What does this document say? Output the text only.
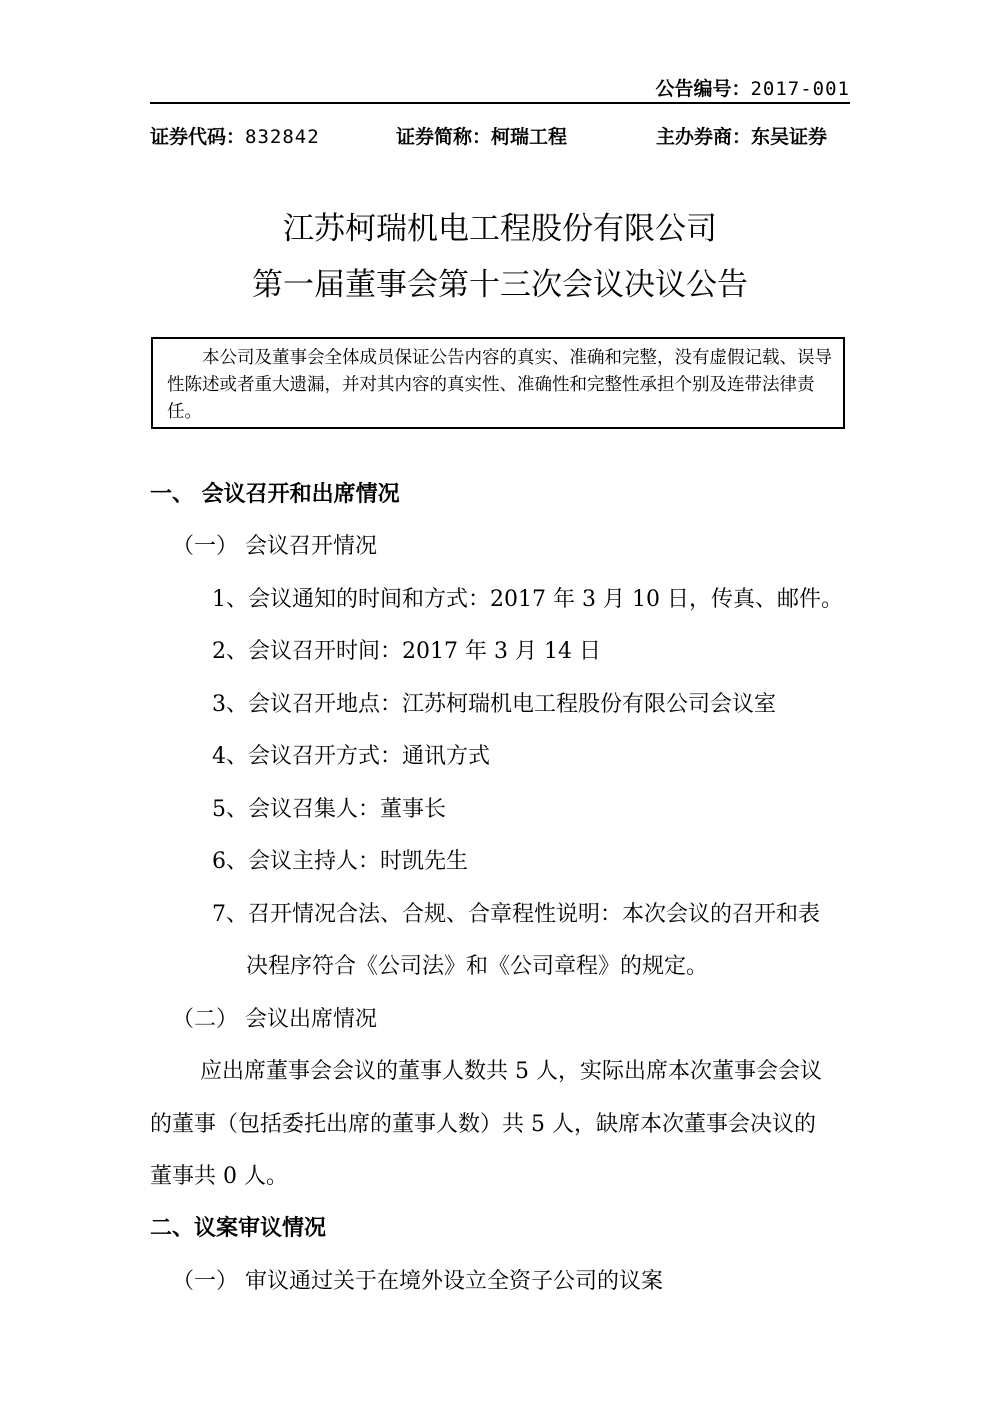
公告编号：2017-001
证券代码：832842	证券简称：柯瑞工程	主办券商：东吴证券
江苏柯瑞机电工程股份有限公司
第一届董事会第十三次会议决议公告
本公司及董事会全体成员保证公告内容的真实、准确和完整，没有虚假记载、误导性陈述或者重大遗漏，并对其内容的真实性、准确性和完整性承担个别及连带法律责任。
一、 会议召开和出席情况
（一） 会议召开情况
1、会议通知的时间和方式：2017 年 3 月 10 日，传真、邮件。
2、会议召开时间：2017 年 3 月 14 日
3、会议召开地点：江苏柯瑞机电工程股份有限公司会议室
4、会议召开方式：通讯方式
5、会议召集人：董事长
6、会议主持人：时凯先生
7、召开情况合法、合规、合章程性说明：本次会议的召开和表
决程序符合《公司法》和《公司章程》的规定。
（二） 会议出席情况
应出席董事会会议的董事人数共 5 人，实际出席本次董事会会议
的董事（包括委托出席的董事人数）共 5 人，缺席本次董事会决议的
董事共 0 人。
二、议案审议情况
（一） 审议通过关于在境外设立全资子公司的议案
